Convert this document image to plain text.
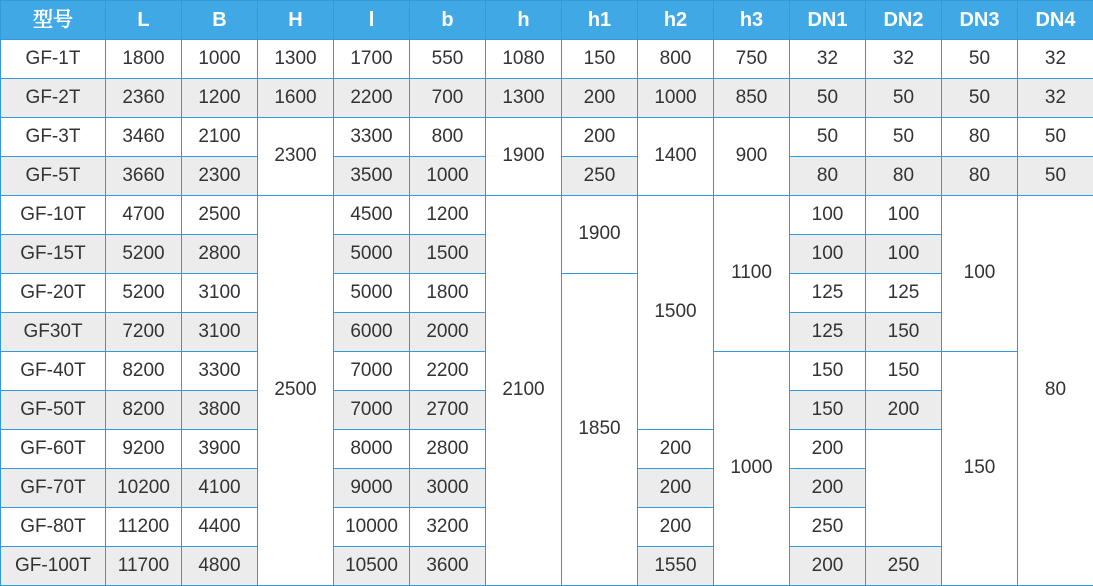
型号	L	B	H	l	b	h	h1	h2	h3	DN1	DN2	DN3	DN4
GF-1T	1800	1000	1300	1700	550	1080	150	800	750	32	32	50	32
GF-2T	2360	1200	1600	2200	700	1300	200	1000	850	50	50	50	32
GF-3T	3460	2100	2300	3300	800	1900	200	1400	900	50	50	80	50
GF-5T	3660	2300		3500	1000		250			80	80	80	50
GF-10T	4700	2500	2500	4500	1200	2100	1900	1500	1100	100	100	100	80
GF-15T	5200	2800		5000	1500					100	100		
GF-20T	5200	3100		5000	1800		1850			125	125		
GF30T	7200	3100		6000	2000					125	150		
GF-40T	8200	3300		7000	2200				1000	150	150	150	
GF-50T	8200	3800		7000	2700					150	200		
GF-60T	9200	3900		8000	2800			200		200			
GF-70T	10200	4100		9000	3000			200		200			
GF-80T	11200	4400		10000	3200			200		250			
GF-100T	11700	4800		10500	3600			1550		200	250		
